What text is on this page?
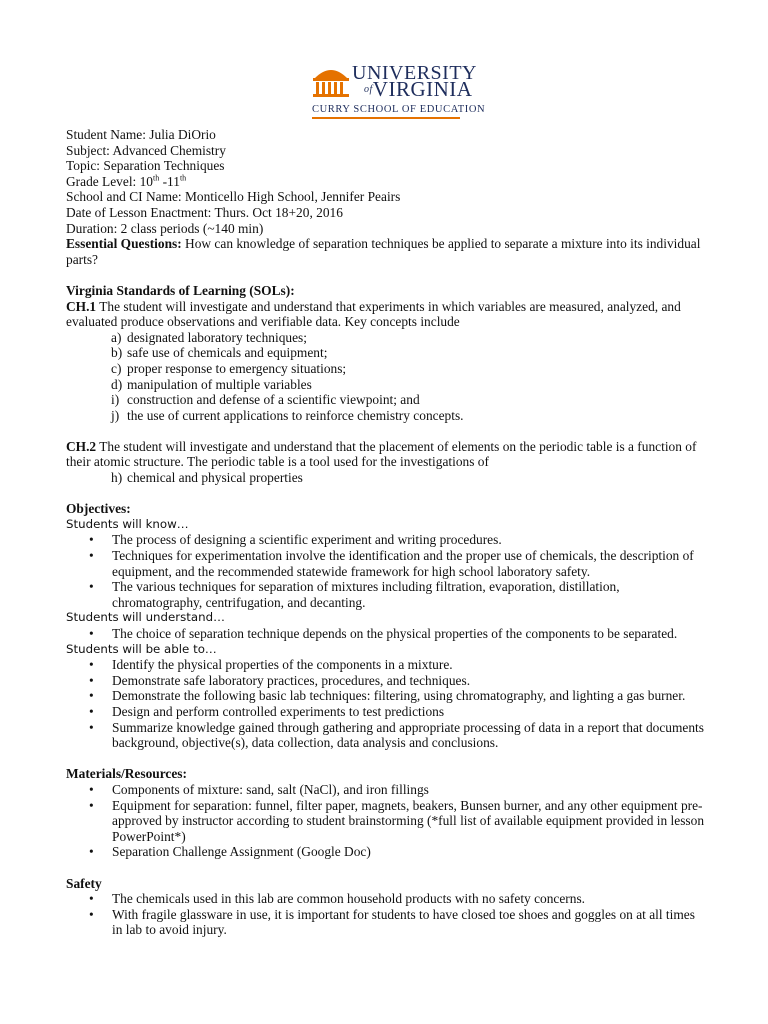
UNIVERSITY
$^{of}$VIRGINIA
CURRY SCHOOL OF EDUCATION

Student Name: Julia DiOrio

Subject: Advanced Chemistry

Topic: Separation Techniques

Grade Level: 10th -11th

School and CI Name: Monticello High School, Jennifer Peairs

Date of Lesson Enactment: Thurs. Oct 18+20, 2016

Duration: 2 class periods (~140 min)

Essential Questions: How can knowledge of separation techniques be applied to separate a mixture into its individual parts?

Virginia Standards of Learning (SOLs):

CH.1 The student will investigate and understand that experiments in which variables are measured, analyzed, and evaluated produce observations and verifiable data. Key concepts include

a) designated laboratory techniques;
b) safe use of chemicals and equipment;
c) proper response to emergency situations;
d) manipulation of multiple variables
i) construction and defense of a scientific viewpoint; and
j) the use of current applications to reinforce chemistry concepts.

CH.2 The student will investigate and understand that the placement of elements on the periodic table is a function of their atomic structure. The periodic table is a tool used for the investigations of

h) chemical and physical properties

Objectives:

Students will know…

• The process of designing a scientific experiment and writing procedures.
• Techniques for experimentation involve the identification and the proper use of chemicals, the description of equipment, and the recommended statewide framework for high school laboratory safety.
• The various techniques for separation of mixtures including filtration, evaporation, distillation, chromatography, centrifugation, and decanting.

Students will understand…

• The choice of separation technique depends on the physical properties of the components to be separated.

Students will be able to…

• Identify the physical properties of the components in a mixture.
• Demonstrate safe laboratory practices, procedures, and techniques.
• Demonstrate the following basic lab techniques: filtering, using chromatography, and lighting a gas burner.
• Design and perform controlled experiments to test predictions
• Summarize knowledge gained through gathering and appropriate processing of data in a report that documents background, objective(s), data collection, data analysis and conclusions.

Materials/Resources:

• Components of mixture: sand, salt (NaCl), and iron fillings
• Equipment for separation: funnel, filter paper, magnets, beakers, Bunsen burner, and any other equipment pre-approved by instructor according to student brainstorming (*full list of available equipment provided in lesson PowerPoint*)
• Separation Challenge Assignment (Google Doc)

Safety

• The chemicals used in this lab are common household products with no safety concerns.
• With fragile glassware in use, it is important for students to have closed toe shoes and goggles on at all times in lab to avoid injury.
